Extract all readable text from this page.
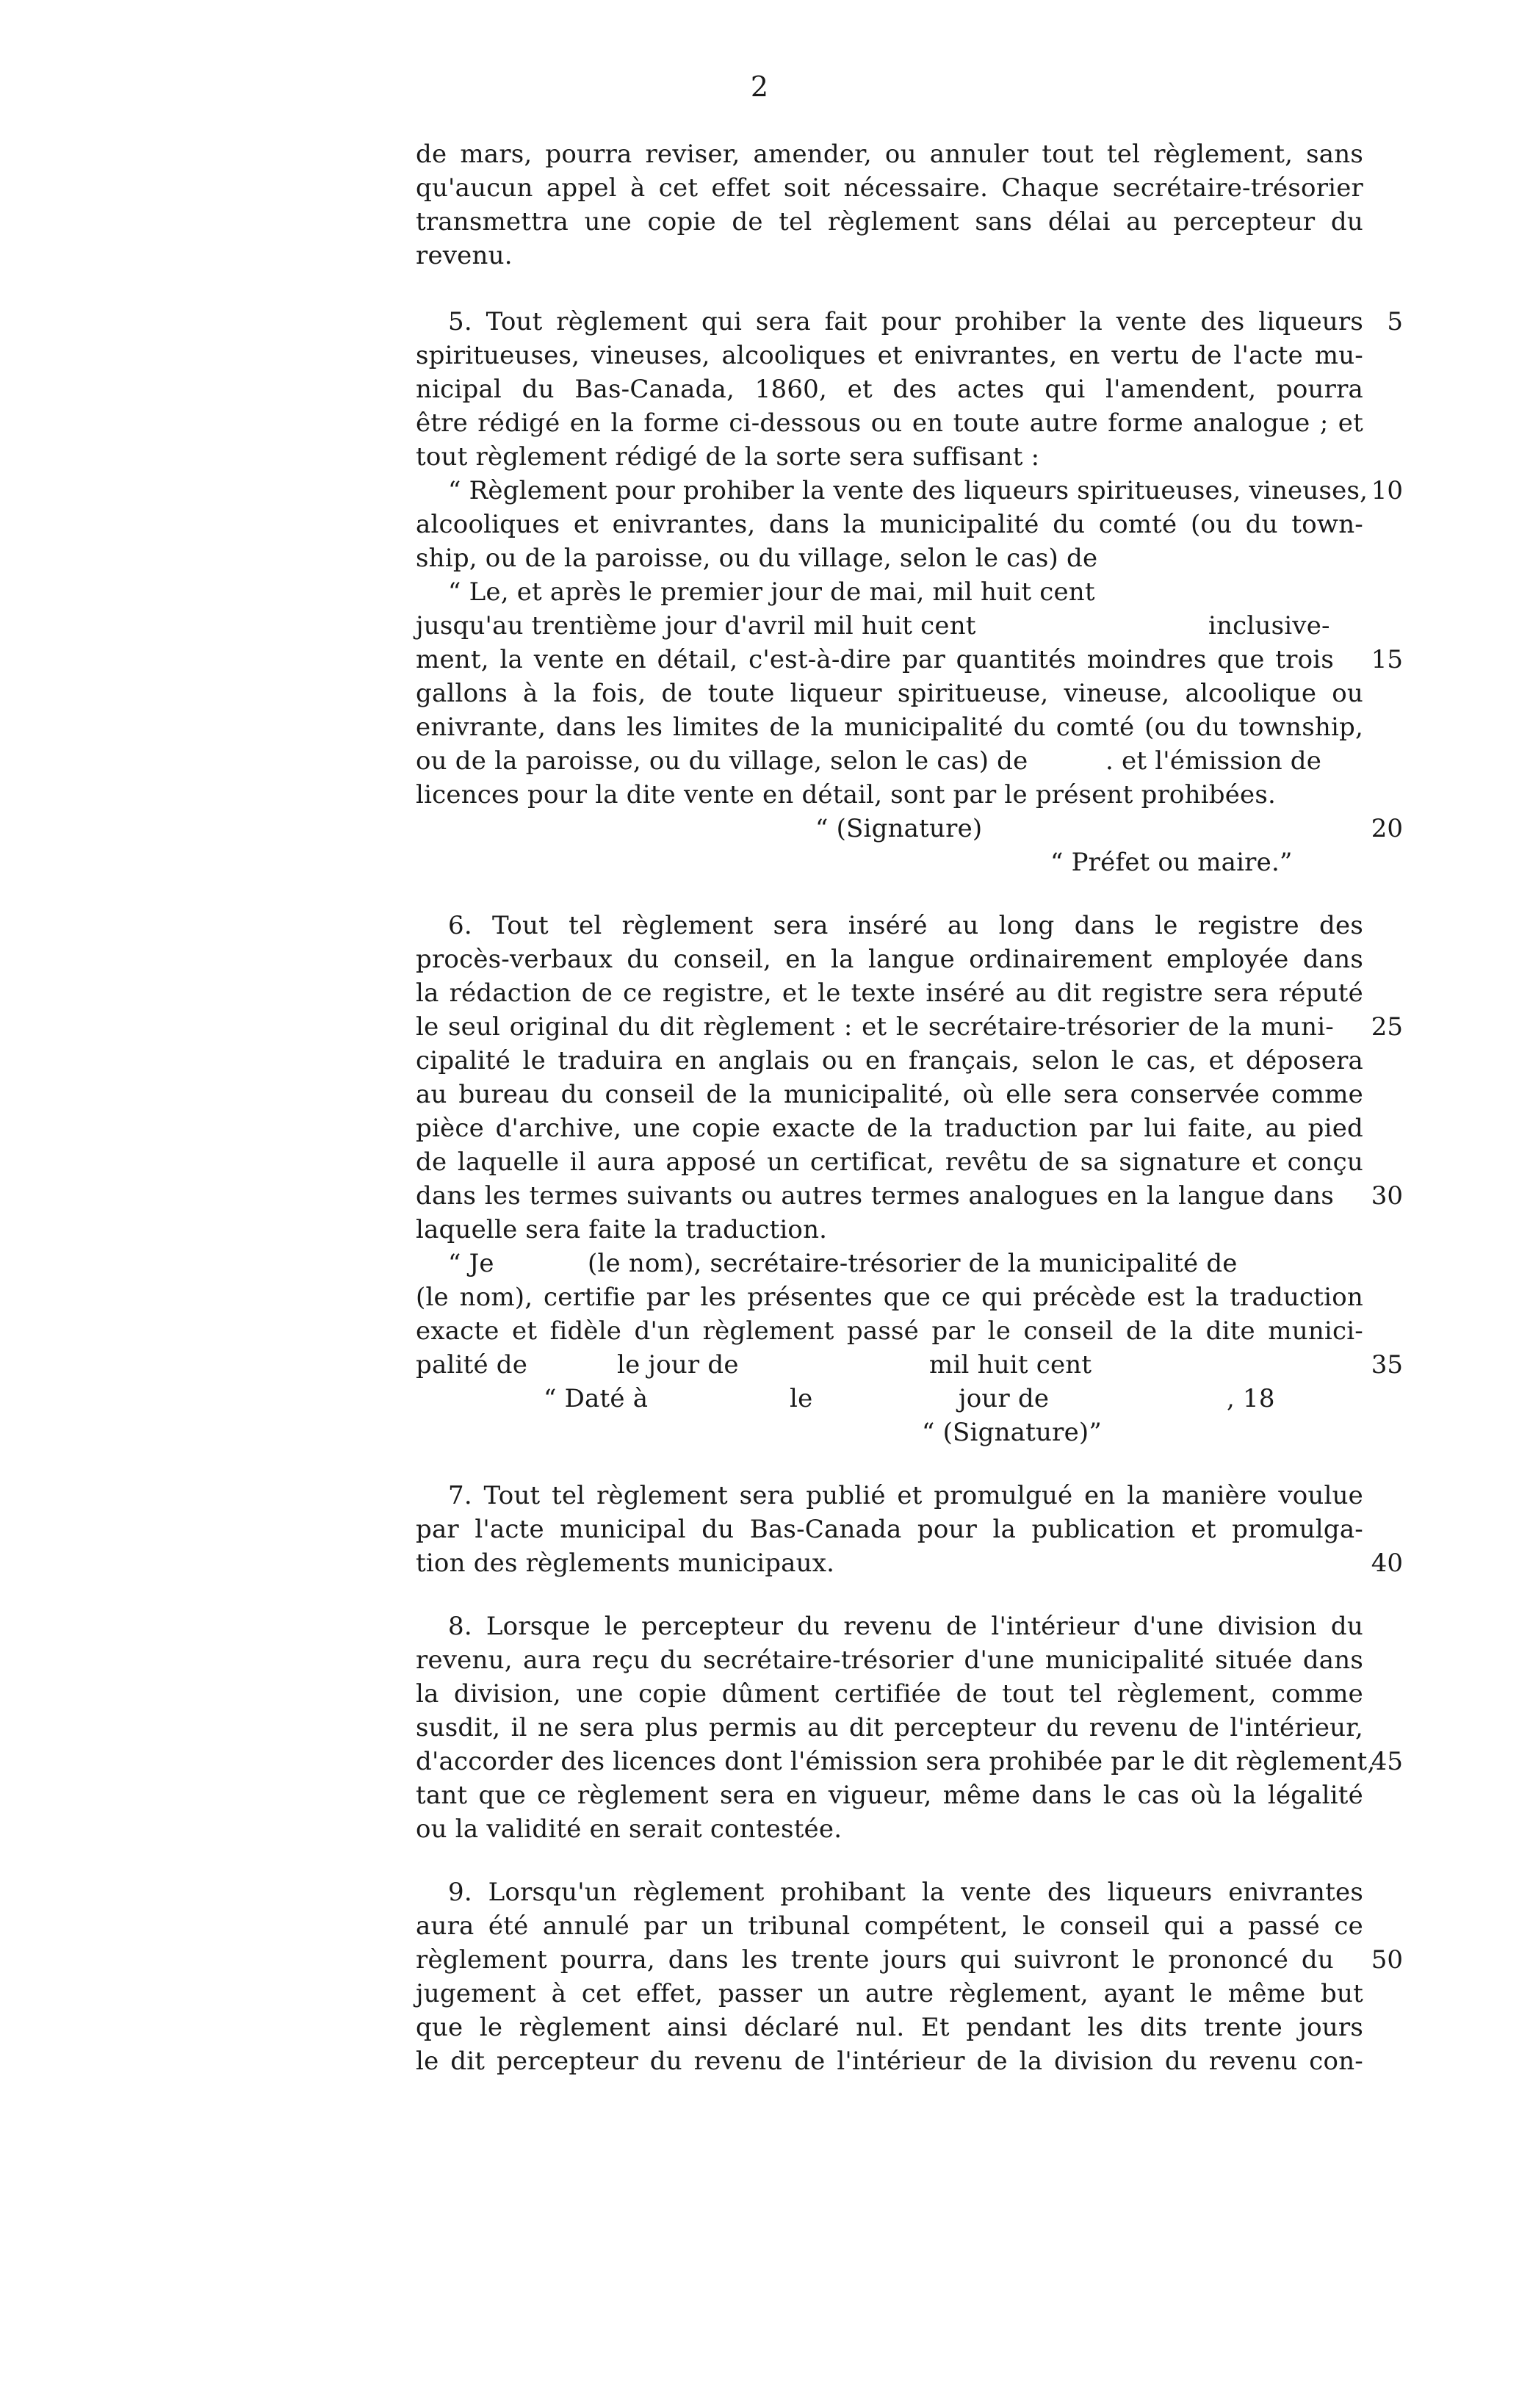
2
de mars, pourra reviser, amender, ou annuler tout tel règlement, sans
qu'aucun appel à cet effet soit nécessaire. Chaque secrétaire-trésorier
transmettra une copie de tel règlement sans délai au percepteur du
revenu.
5. Tout règlement qui sera fait pour prohiber la vente des liqueurs
spiritueuses, vineuses, alcooliques et enivrantes, en vertu de l'acte mu-
nicipal du Bas-Canada, 1860, et des actes qui l'amendent, pourra
être rédigé en la forme ci-dessous ou en toute autre forme analogue ; et
tout règlement rédigé de la sorte sera suffisant :
“ Règlement pour prohiber la vente des liqueurs spiritueuses, vineuses,
alcooliques et enivrantes, dans la municipalité du comté (ou du town-
ship, ou de la paroisse, ou du village, selon le cas) de
“ Le, et après le premier jour de mai, mil huit cent
jusqu'au trentième jour d'avril mil huit cent	inclusive-
ment, la vente en détail, c'est-à-dire par quantités moindres que trois
gallons à la fois, de toute liqueur spiritueuse, vineuse, alcoolique ou
enivrante, dans les limites de la municipalité du comté (ou du township,
ou de la paroisse, ou du village, selon le cas) de	. et l'émission de
licences pour la dite vente en détail, sont par le présent prohibées.
“ (Signature)
“ Préfet ou maire.”
6. Tout tel règlement sera inséré au long dans le registre des
procès-verbaux du conseil, en la langue ordinairement employée dans
la rédaction de ce registre, et le texte inséré au dit registre sera réputé
le seul original du dit règlement : et le secrétaire-trésorier de la muni-
cipalité le traduira en anglais ou en français, selon le cas, et déposera
au bureau du conseil de la municipalité, où elle sera conservée comme
pièce d'archive, une copie exacte de la traduction par lui faite, au pied
de laquelle il aura apposé un certificat, revêtu de sa signature et conçu
dans les termes suivants ou autres termes analogues en la langue dans
laquelle sera faite la traduction.
“ Je	(le nom), secrétaire-trésorier de la municipalité de
(le nom), certifie par les présentes que ce qui précède est la traduction
exacte et fidèle d'un règlement passé par le conseil de la dite munici-
palité de	le jour de	mil huit cent
“ Daté à	le	jour de	, 18
“ (Signature)”
7. Tout tel règlement sera publié et promulgué en la manière voulue
par l'acte municipal du Bas-Canada pour la publication et promulga-
tion des règlements municipaux.
8. Lorsque le percepteur du revenu de l'intérieur d'une division du
revenu, aura reçu du secrétaire-trésorier d'une municipalité située dans
la division, une copie dûment certifiée de tout tel règlement, comme
susdit, il ne sera plus permis au dit percepteur du revenu de l'intérieur,
d'accorder des licences dont l'émission sera prohibée par le dit règlement,
tant que ce règlement sera en vigueur, même dans le cas où la légalité
ou la validité en serait contestée.
9. Lorsqu'un règlement prohibant la vente des liqueurs enivrantes
aura été annulé par un tribunal compétent, le conseil qui a passé ce
règlement pourra, dans les trente jours qui suivront le prononcé du
jugement à cet effet, passer un autre règlement, ayant le même but
que le règlement ainsi déclaré nul. Et pendant les dits trente jours
le dit percepteur du revenu de l'intérieur de la division du revenu con-
5
10
15
20
25
30
35
40
45
50
